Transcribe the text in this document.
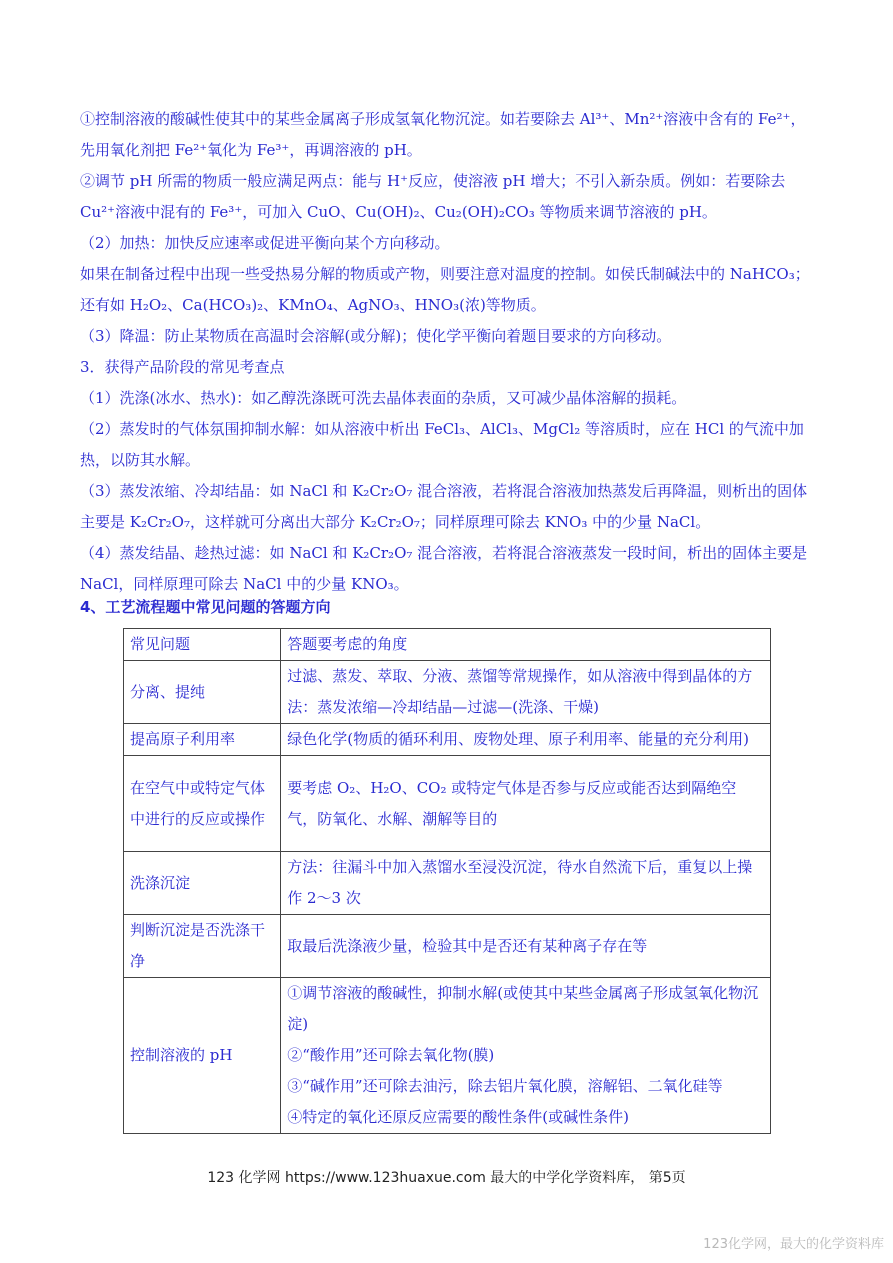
①控制溶液的酸碱性使其中的某些金属离子形成氢氧化物沉淀。如若要除去 Al³⁺、Mn²⁺溶液中含有的 Fe²⁺，先用氧化剂把 Fe²⁺氧化为 Fe³⁺，再调溶液的 pH。

②调节 pH 所需的物质一般应满足两点：能与 H⁺反应，使溶液 pH 增大；不引入新杂质。例如：若要除去 Cu²⁺溶液中混有的 Fe³⁺，可加入 CuO、Cu(OH)₂、Cu₂(OH)₂CO₃ 等物质来调节溶液的 pH。

（2）加热：加快反应速率或促进平衡向某个方向移动。

如果在制备过程中出现一些受热易分解的物质或产物，则要注意对温度的控制。如侯氏制碱法中的 NaHCO₃；还有如 H₂O₂、Ca(HCO₃)₂、KMnO₄、AgNO₃、HNO₃(浓)等物质。

（3）降温：防止某物质在高温时会溶解(或分解)；使化学平衡向着题目要求的方向移动。

3．获得产品阶段的常见考查点

（1）洗涤(冰水、热水)：如乙醇洗涤既可洗去晶体表面的杂质，又可减少晶体溶解的损耗。

（2）蒸发时的气体氛围抑制水解：如从溶液中析出 FeCl₃、AlCl₃、MgCl₂ 等溶质时，应在 HCl 的气流中加热，以防其水解。

（3）蒸发浓缩、冷却结晶：如 NaCl 和 K₂Cr₂O₇ 混合溶液，若将混合溶液加热蒸发后再降温，则析出的固体主要是 K₂Cr₂O₇，这样就可分离出大部分 K₂Cr₂O₇；同样原理可除去 KNO₃ 中的少量 NaCl。

（4）蒸发结晶、趁热过滤：如 NaCl 和 K₂Cr₂O₇ 混合溶液，若将混合溶液蒸发一段时间，析出的固体主要是 NaCl，同样原理可除去 NaCl 中的少量 KNO₃。

4、工艺流程题中常见问题的答题方向
常见问题	答题要考虑的角度
分离、提纯	过滤、蒸发、萃取、分液、蒸馏等常规操作，如从溶液中得到晶体的方法：蒸发浓缩—冷却结晶—过滤—(洗涤、干燥)

提高原子利用率	绿色化学(物质的循环利用、废物处理、原子利用率、能量的充分利用)

在空气中或特定气体中进行的反应或操作	要考虑 O₂、H₂O、CO₂ 或特定气体是否参与反应或能否达到隔绝空气，防氧化、水解、潮解等目的

洗涤沉淀	方法：往漏斗中加入蒸馏水至浸没沉淀，待水自然流下后，重复以上操作 2～3 次

判断沉淀是否洗涤干净	取最后洗涤液少量，检验其中是否还有某种离子存在等

控制溶液的 pH	①调节溶液的酸碱性，抑制水解(或使其中某些金属离子形成氢氧化物沉淀)
②“酸作用”还可除去氧化物(膜)
③“碱作用”还可除去油污，除去铝片氧化膜，溶解铝、二氧化硅等
④特定的氧化还原反应需要的酸性条件(或碱性条件)
123 化学网 https://www.123huaxue.com 最大的中学化学资料库， 第5页
123化学网，最大的化学资料库
